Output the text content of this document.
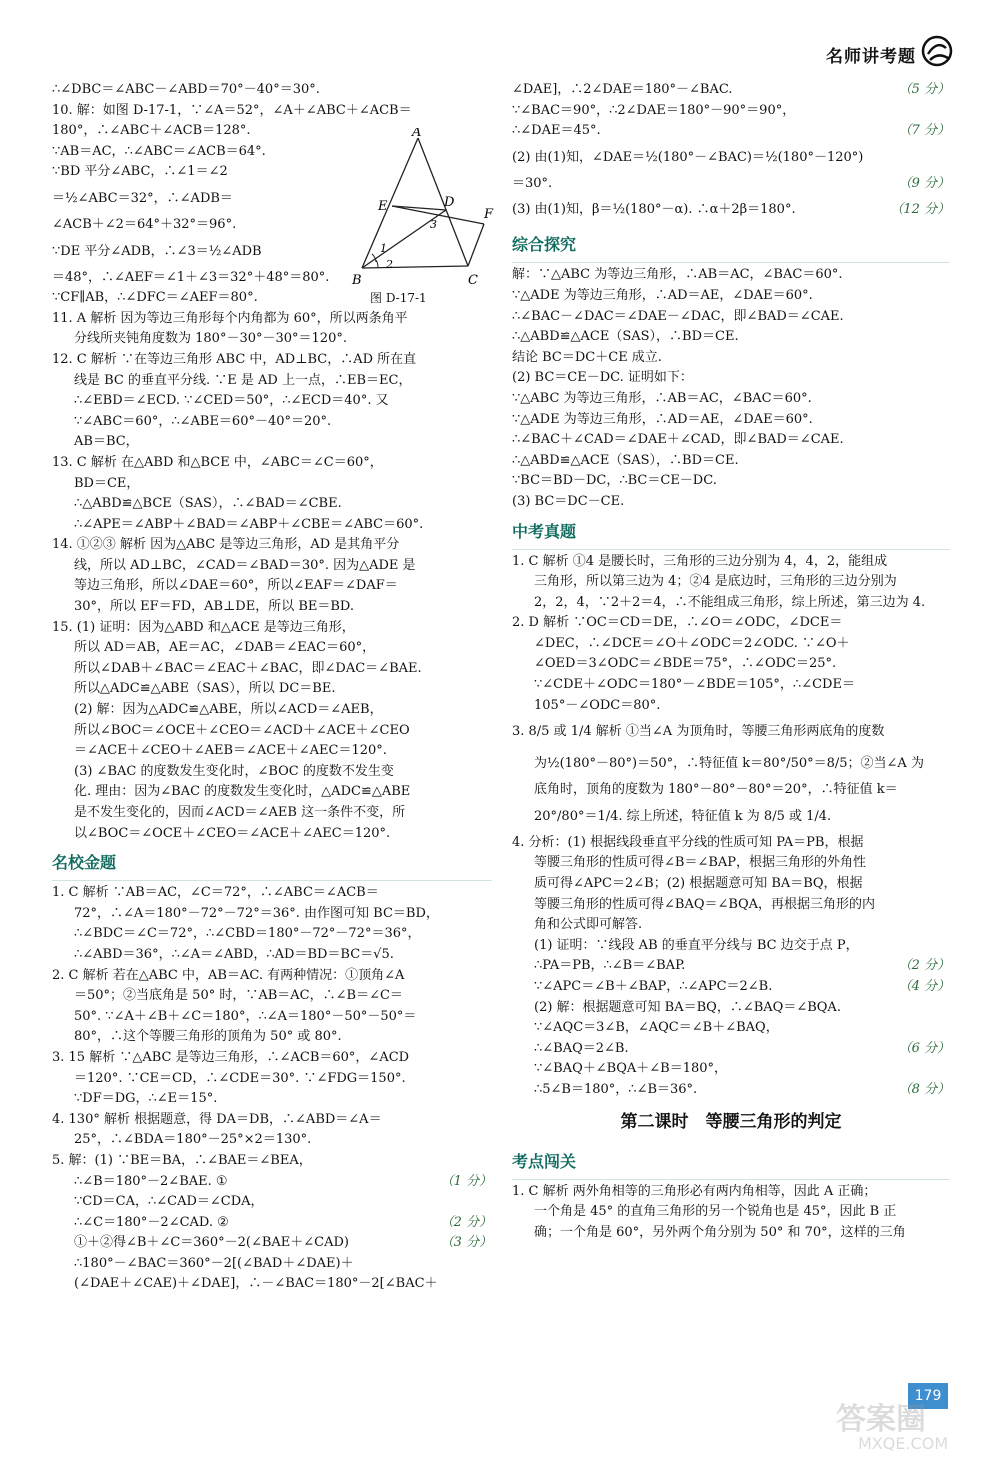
名师讲考题
A
E	D
F
B	C
3
1
2
图 D-17-1
∴∠DBC＝∠ABC－∠ABD＝70°－40°＝30°.
10. 解：如图 D-17-1，∵∠A＝52°，∠A＋∠ABC＋∠ACB＝
180°，∴∠ABC＋∠ACB＝128°.
∵AB＝AC，∴∠ABC＝∠ACB＝64°.
∵BD 平分∠ABC，∴∠1＝∠2
＝½∠ABC＝32°，∴∠ADB＝
∠ACB＋∠2＝64°＋32°＝96°.
∵DE 平分∠ADB，∴∠3＝½∠ADB
＝48°，∴∠AEF＝∠1＋∠3＝32°＋48°＝80°.
∵CF∥AB，∴∠DFC＝∠AEF＝80°.
11. A 解析 因为等边三角形每个内角都为 60°，所以两条角平
分线所夹钝角度数为 180°－30°－30°＝120°.
12. C 解析 ∵在等边三角形 ABC 中，AD⊥BC，∴AD 所在直
线是 BC 的垂直平分线. ∵E 是 AD 上一点，∴EB＝EC，
∴∠EBD＝∠ECD. ∵∠CED＝50°，∴∠ECD＝40°. 又
∵∠ABC＝60°，∴∠ABE＝60°－40°＝20°.
AB＝BC，
13. C 解析 在△ABD 和△BCE 中，∠ABC＝∠C＝60°，
BD＝CE，
∴△ABD≌△BCE（SAS），∴∠BAD＝∠CBE.
∴∠APE＝∠ABP＋∠BAD＝∠ABP＋∠CBE＝∠ABC＝60°.
14. ①②③ 解析 因为△ABC 是等边三角形，AD 是其角平分
线，所以 AD⊥BC，∠CAD＝∠BAD＝30°. 因为△ADE 是
等边三角形，所以∠DAE＝60°，所以∠EAF＝∠DAF＝
30°，所以 EF＝FD，AB⊥DE，所以 BE＝BD.
15. (1) 证明：因为△ABD 和△ACE 是等边三角形，
所以 AD＝AB，AE＝AC，∠DAB＝∠EAC＝60°，
所以∠DAB＋∠BAC＝∠EAC＋∠BAC，即∠DAC＝∠BAE.
所以△ADC≌△ABE（SAS），所以 DC＝BE.
(2) 解：因为△ADC≌△ABE，所以∠ACD＝∠AEB，
所以∠BOC＝∠OCE＋∠CEO＝∠ACD＋∠ACE＋∠CEO
＝∠ACE＋∠CEO＋∠AEB＝∠ACE＋∠AEC＝120°.
(3) ∠BAC 的度数发生变化时，∠BOC 的度数不发生变
化. 理由：因为∠BAC 的度数发生变化时，△ADC≌△ABE
是不发生变化的，因而∠ACD＝∠AEB 这一条件不变，所
以∠BOC＝∠OCE＋∠CEO＝∠ACE＋∠AEC＝120°.
名校金题
1. C 解析 ∵AB＝AC，∠C＝72°，∴∠ABC＝∠ACB＝
72°，∴∠A＝180°－72°－72°＝36°. 由作图可知 BC＝BD，
∴∠BDC＝∠C＝72°，∴∠CBD＝180°－72°－72°＝36°，
∴∠ABD＝36°，∴∠A＝∠ABD，∴AD＝BD＝BC＝√5.
2. C 解析 若在△ABC 中，AB＝AC. 有两种情况：①顶角∠A
＝50°；②当底角是 50° 时，∵AB＝AC，∴∠B＝∠C＝
50°. ∵∠A＋∠B＋∠C＝180°，∴∠A＝180°－50°－50°＝
80°，∴这个等腰三角形的顶角为 50° 或 80°.
3. 15 解析 ∵△ABC 是等边三角形，∴∠ACB＝60°，∠ACD
＝120°. ∵CE＝CD，∴∠CDE＝30°. ∵∠FDG＝150°.
∵DF＝DG，∴∠E＝15°.
4. 130° 解析 根据题意，得 DA＝DB，∴∠ABD＝∠A＝
25°，∴∠BDA＝180°－25°×2＝130°.
5. 解：(1) ∵BE＝BA，∴∠BAE＝∠BEA，
（1 分）
∴∠B＝180°－2∠BAE. ①
∵CD＝CA，∴∠CAD＝∠CDA，
（2 分）
∴∠C＝180°－2∠CAD. ②
（3 分）
①＋②得∠B＋∠C＝360°－2(∠BAE＋∠CAD)
∴180°－∠BAC＝360°－2[(∠BAD＋∠DAE)＋
(∠DAE＋∠CAE)＋∠DAE]，∴－∠BAC＝180°－2[∠BAC＋
（5 分）
∠DAE]，∴2∠DAE＝180°－∠BAC.
∵∠BAC＝90°，∴2∠DAE＝180°－90°＝90°，
（7 分）
∴∠DAE＝45°.
(2) 由(1)知，∠DAE＝½(180°－∠BAC)＝½(180°－120°)
（9 分）
＝30°.
（12 分）
(3) 由(1)知，β＝½(180°－α). ∴α＋2β＝180°.
综合探究
解：∵△ABC 为等边三角形，∴AB＝AC，∠BAC＝60°.
∵△ADE 为等边三角形，∴AD＝AE，∠DAE＝60°.
∴∠BAC－∠DAC＝∠DAE－∠DAC，即∠BAD＝∠CAE.
∴△ABD≌△ACE（SAS），∴BD＝CE.
结论 BC＝DC＋CE 成立.
(2) BC＝CE－DC. 证明如下：
∵△ABC 为等边三角形，∴AB＝AC，∠BAC＝60°.
∵△ADE 为等边三角形，∴AD＝AE，∠DAE＝60°.
∴∠BAC＋∠CAD＝∠DAE＋∠CAD，即∠BAD＝∠CAE.
∴△ABD≌△ACE（SAS），∴BD＝CE.
∵BC＝BD－DC，∴BC＝CE－DC.
(3) BC＝DC－CE.
中考真题
1. C 解析 ①4 是腰长时，三角形的三边分别为 4，4，2，能组成
三角形，所以第三边为 4；②4 是底边时，三角形的三边分别为
2，2，4，∵2＋2＝4，∴不能组成三角形，综上所述，第三边为 4.
2. D 解析 ∵OC＝CD＝DE，∴∠O＝∠ODC，∠DCE＝
∠DEC，∴∠DCE＝∠O＋∠ODC＝2∠ODC. ∵∠O＋
∠OED＝3∠ODC＝∠BDE＝75°，∴∠ODC＝25°.
∵∠CDE＋∠ODC＝180°－∠BDE＝105°，∴∠CDE＝
105°－∠ODC＝80°.
3. 8/5 或 1/4 解析 ①当∠A 为顶角时，等腰三角形两底角的度数
为½(180°－80°)＝50°，∴特征值 k＝80°/50°＝8/5；②当∠A 为
底角时，顶角的度数为 180°－80°－80°＝20°，∴特征值 k＝
20°/80°＝1/4. 综上所述，特征值 k 为 8/5 或 1/4.
4. 分析：(1) 根据线段垂直平分线的性质可知 PA＝PB，根据
等腰三角形的性质可得∠B＝∠BAP，根据三角形的外角性
质可得∠APC＝2∠B；(2) 根据题意可知 BA＝BQ，根据
等腰三角形的性质可得∠BAQ＝∠BQA，再根据三角形的内
角和公式即可解答.
(1) 证明：∵线段 AB 的垂直平分线与 BC 边交于点 P，
（2 分）
∴PA＝PB，∴∠B＝∠BAP.
（4 分）
∵∠APC＝∠B＋∠BAP，∴∠APC＝2∠B.
(2) 解：根据题意可知 BA＝BQ，∴∠BAQ＝∠BQA.
∵∠AQC＝3∠B，∠AQC＝∠B＋∠BAQ，
（6 分）
∴∠BAQ＝2∠B.
∵∠BAQ＋∠BQA＋∠B＝180°，
（8 分）
∴5∠B＝180°，∴∠B＝36°.
第二课时　等腰三角形的判定
考点闯关
1. C 解析 两外角相等的三角形必有两内角相等，因此 A 正确；
一个角是 45° 的直角三角形的另一个锐角也是 45°，因此 B 正
确；一个角是 60°，另外两个角分别为 50° 和 70°，这样的三角
179
答案圈
MXQE.COM
